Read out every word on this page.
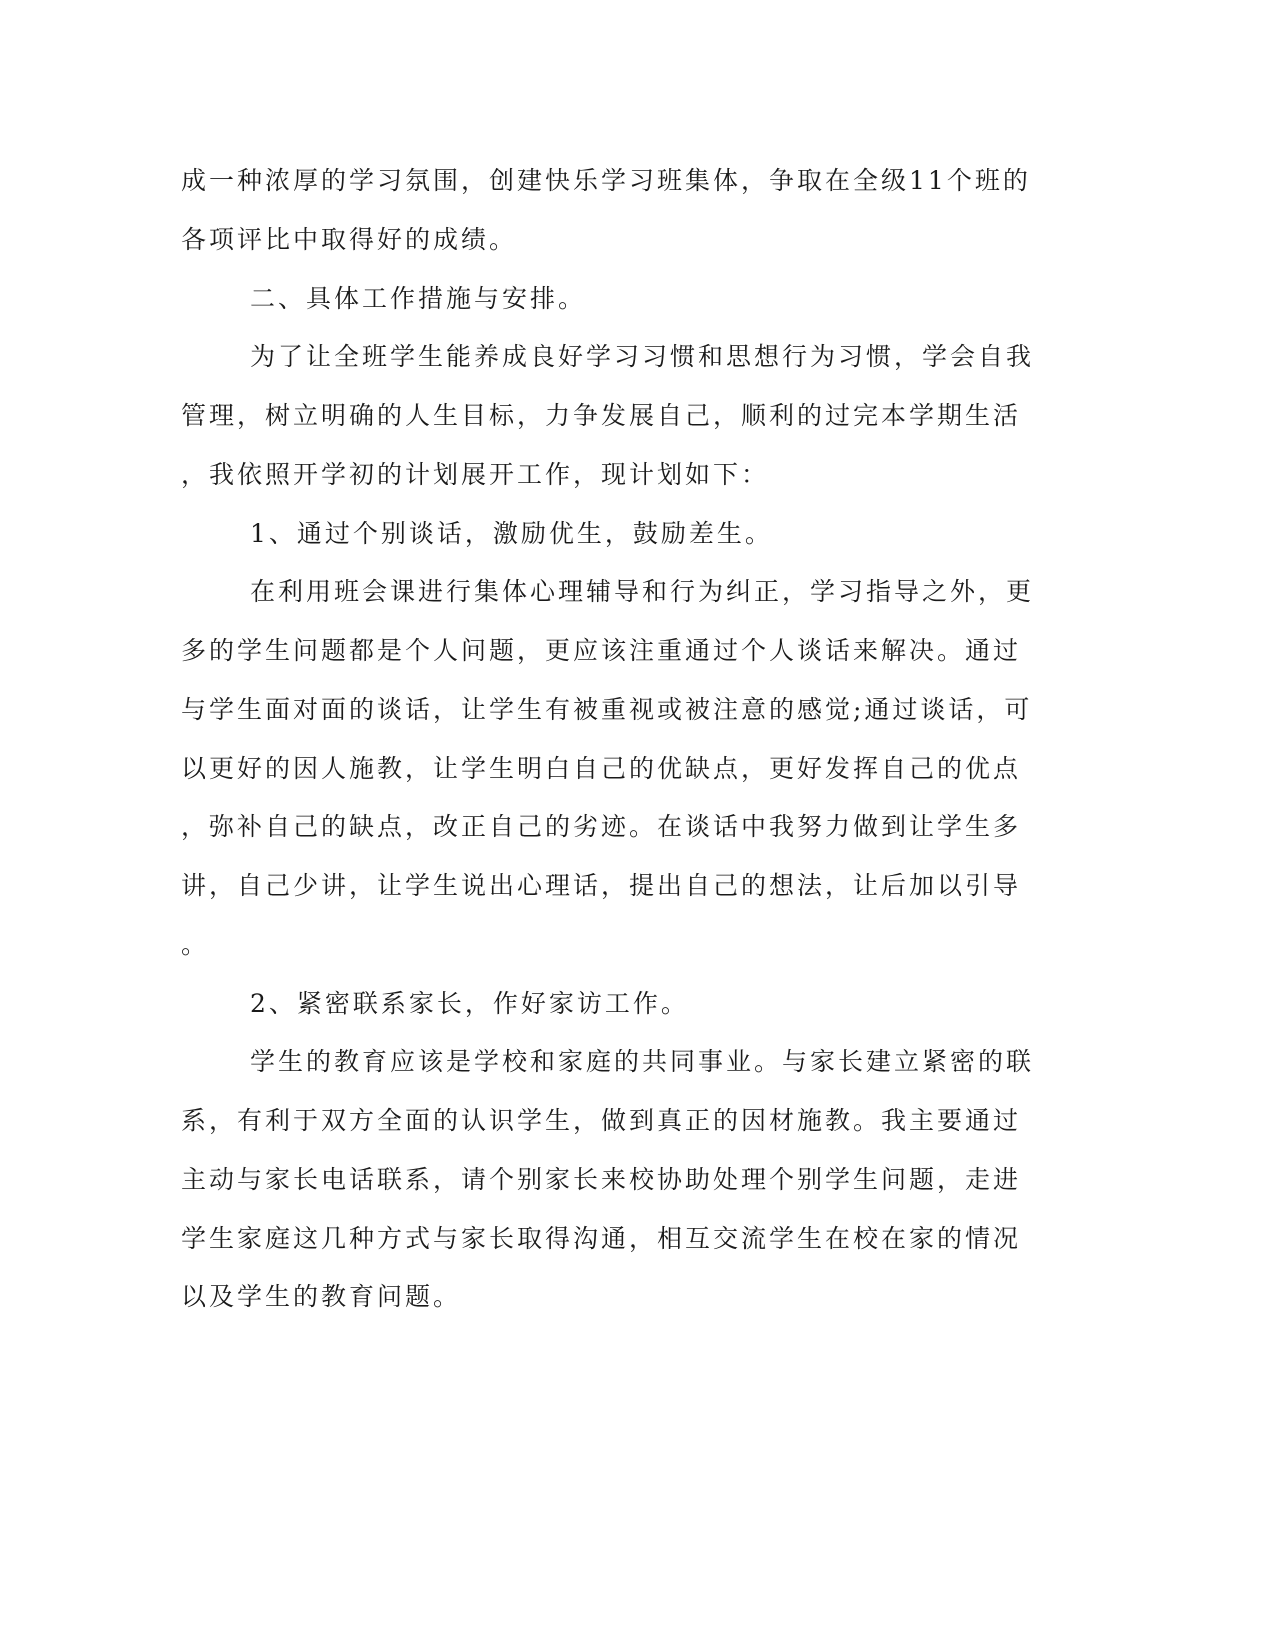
成一种浓厚的学习氛围，创建快乐学习班集体，争取在全级11个班的

各项评比中取得好的成绩。

二、具体工作措施与安排。

为了让全班学生能养成良好学习习惯和思想行为习惯，学会自我

管理，树立明确的人生目标，力争发展自己，顺利的过完本学期生活

，我依照开学初的计划展开工作，现计划如下：

1、通过个别谈话，激励优生，鼓励差生。

在利用班会课进行集体心理辅导和行为纠正，学习指导之外，更

多的学生问题都是个人问题，更应该注重通过个人谈话来解决。通过

与学生面对面的谈话，让学生有被重视或被注意的感觉;通过谈话，可

以更好的因人施教，让学生明白自己的优缺点，更好发挥自己的优点

，弥补自己的缺点，改正自己的劣迹。在谈话中我努力做到让学生多

讲，自己少讲，让学生说出心理话，提出自己的想法，让后加以引导

。

2、紧密联系家长，作好家访工作。

学生的教育应该是学校和家庭的共同事业。与家长建立紧密的联

系，有利于双方全面的认识学生，做到真正的因材施教。我主要通过

主动与家长电话联系，请个别家长来校协助处理个别学生问题，走进

学生家庭这几种方式与家长取得沟通，相互交流学生在校在家的情况

以及学生的教育问题。
